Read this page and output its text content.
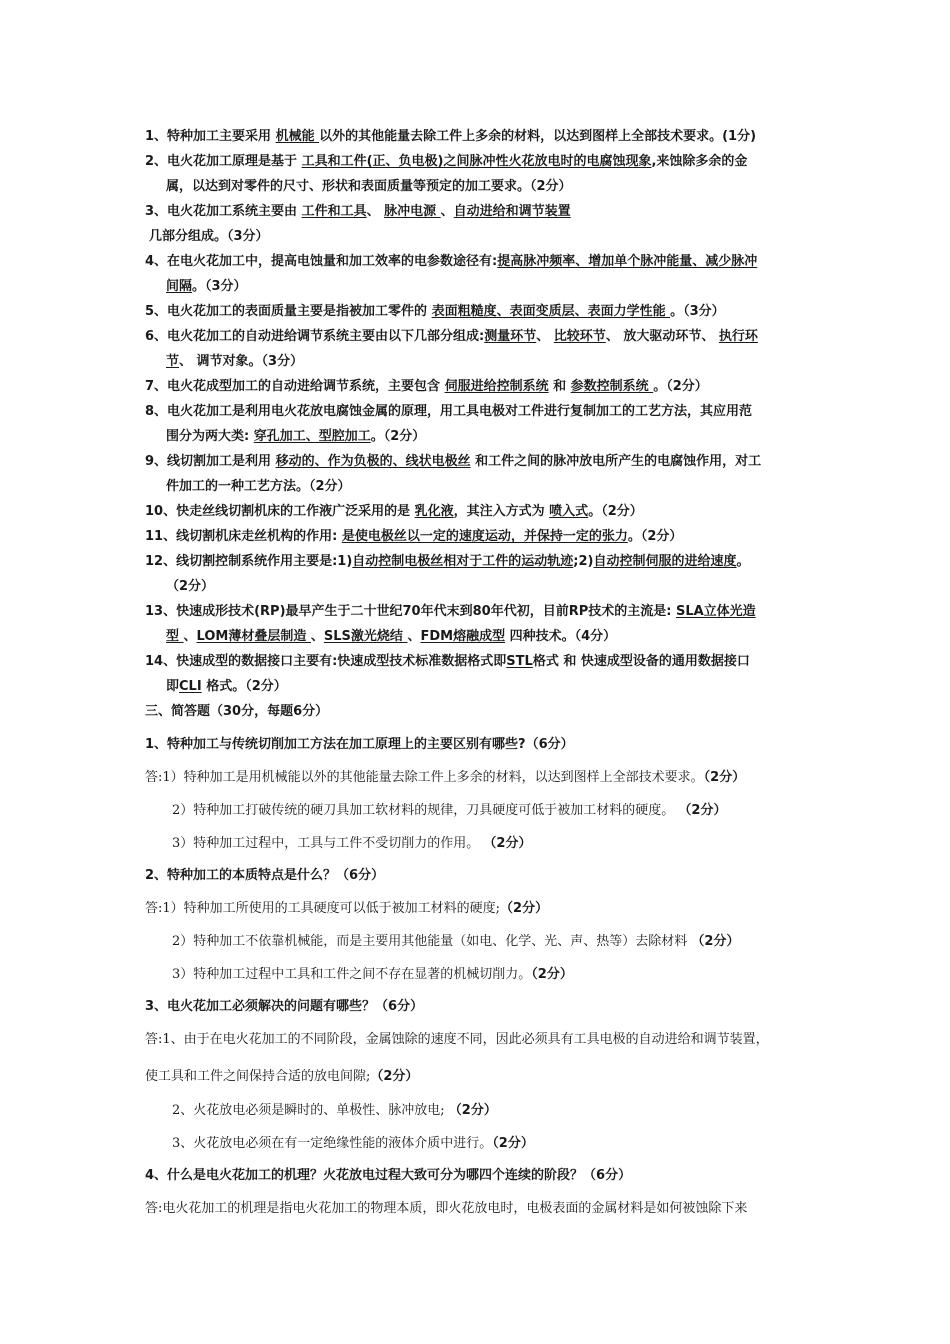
1、特种加工主要采用 机械能 以外的其他能量去除工件上多余的材料，以达到图样上全部技术要求。(1分)
2、电火花加工原理是基于 工具和工件(正、负电极)之间脉冲性火花放电时的电腐蚀现象,来蚀除多余的金
属，以达到对零件的尺寸、形状和表面质量等预定的加工要求。（2分）
3、电火花加工系统主要由 工件和工具、 脉冲电源 、自动进给和调节装置
几部分组成。（3分）
4、在电火花加工中，提高电蚀量和加工效率的电参数途径有:提高脉冲频率、增加单个脉冲能量、减少脉冲
间隔。（3分）
5、电火花加工的表面质量主要是指被加工零件的 表面粗糙度、表面变质层、表面力学性能 。（3分）
6、电火花加工的自动进给调节系统主要由以下几部分组成:测量环节、 比较环节、 放大驱动环节、 执行环
节、 调节对象。（3分）
7、电火花成型加工的自动进给调节系统，主要包含 伺服进给控制系统 和 参数控制系统 。（2分）
8、电火花加工是利用电火花放电腐蚀金属的原理，用工具电极对工件进行复制加工的工艺方法，其应用范
围分为两大类: 穿孔加工、型腔加工。（2分）
9、线切割加工是利用 移动的、作为负极的、线状电极丝 和工件之间的脉冲放电所产生的电腐蚀作用，对工
件加工的一种工艺方法。（2分）
10、快走丝线切割机床的工作液广泛采用的是 乳化液，其注入方式为 喷入式。（2分）
11、线切割机床走丝机构的作用: 是使电极丝以一定的速度运动，并保持一定的张力。（2分）
12、线切割控制系统作用主要是:1)自动控制电极丝相对于工件的运动轨迹;2)自动控制伺服的进给速度。
（2分）
13、快速成形技术(RP)最早产生于二十世纪70年代末到80年代初，目前RP技术的主流是: SLA立体光造
型 、LOM薄材叠层制造 、SLS激光烧结 、FDM熔融成型 四种技术。（4分）
14、快速成型的数据接口主要有:快速成型技术标准数据格式即STL格式 和 快速成型设备的通用数据接口
即CLI 格式。（2分）
三、简答题（30分，每题6分）
1、特种加工与传统切削加工方法在加工原理上的主要区别有哪些?（6分）
答:1）特种加工是用机械能以外的其他能量去除工件上多余的材料，以达到图样上全部技术要求。（2分）
2）特种加工打破传统的硬刀具加工软材料的规律，刀具硬度可低于被加工材料的硬度。 （2分）
3）特种加工过程中，工具与工件不受切削力的作用。 （2分）
2、特种加工的本质特点是什么？（6分）
答:1）特种加工所使用的工具硬度可以低于被加工材料的硬度;（2分）
2）特种加工不依靠机械能，而是主要用其他能量（如电、化学、光、声、热等）去除材料 （2分）
3）特种加工过程中工具和工件之间不存在显著的机械切削力。（2分）
3、电火花加工必须解决的问题有哪些？（6分）
答:1、由于在电火花加工的不同阶段，金属蚀除的速度不同，因此必须具有工具电极的自动进给和调节装置，
使工具和工件之间保持合适的放电间隙;（2分）
2、火花放电必须是瞬时的、单极性、脉冲放电; （2分）
3、火花放电必须在有一定绝缘性能的液体介质中进行。（2分）
4、什么是电火花加工的机理？火花放电过程大致可分为哪四个连续的阶段？（6分）
答:电火花加工的机理是指电火花加工的物理本质，即火花放电时，电极表面的金属材料是如何被蚀除下来
